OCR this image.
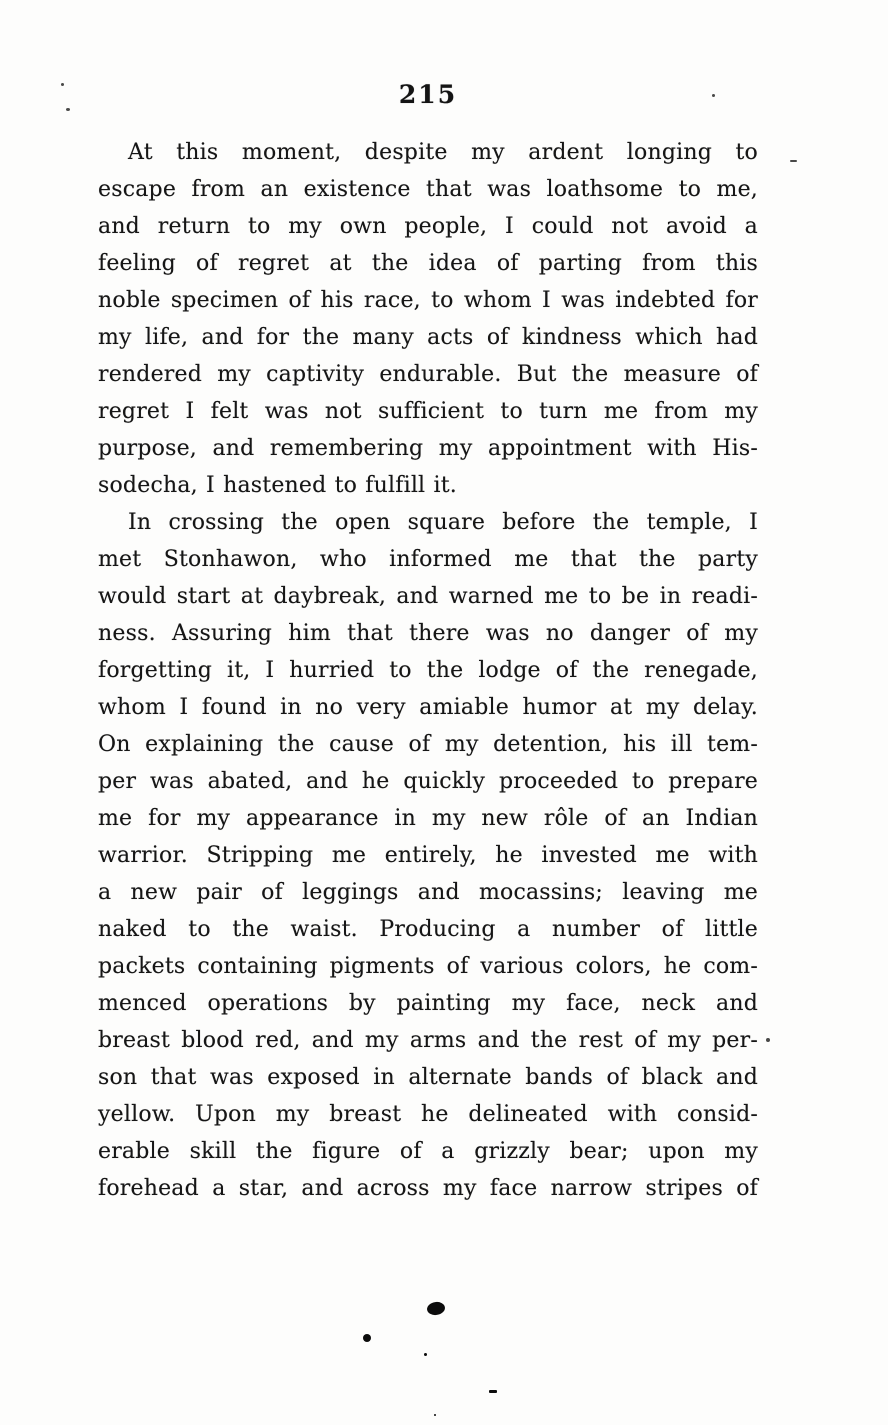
215
At this moment, despite my ardent longing to
escape from an existence that was loathsome to me,
and return to my own people, I could not avoid a
feeling of regret at the idea of parting from this
noble specimen of his race, to whom I was indebted for
my life, and for the many acts of kindness which had
rendered my captivity endurable. But the measure of
regret I felt was not sufficient to turn me from my
purpose, and remembering my appointment with His-
sodecha, I hastened to fulfill it.
In crossing the open square before the temple, I
met Stonhawon, who informed me that the party
would start at daybreak, and warned me to be in readi-
ness. Assuring him that there was no danger of my
forgetting it, I hurried to the lodge of the renegade,
whom I found in no very amiable humor at my delay.
On explaining the cause of my detention, his ill tem-
per was abated, and he quickly proceeded to prepare
me for my appearance in my new rôle of an Indian
warrior. Stripping me entirely, he invested me with
a new pair of leggings and mocassins; leaving me
naked to the waist. Producing a number of little
packets containing pigments of various colors, he com-
menced operations by painting my face, neck and
breast blood red, and my arms and the rest of my per-
son that was exposed in alternate bands of black and
yellow. Upon my breast he delineated with consid-
erable skill the figure of a grizzly bear; upon my
forehead a star, and across my face narrow stripes of
